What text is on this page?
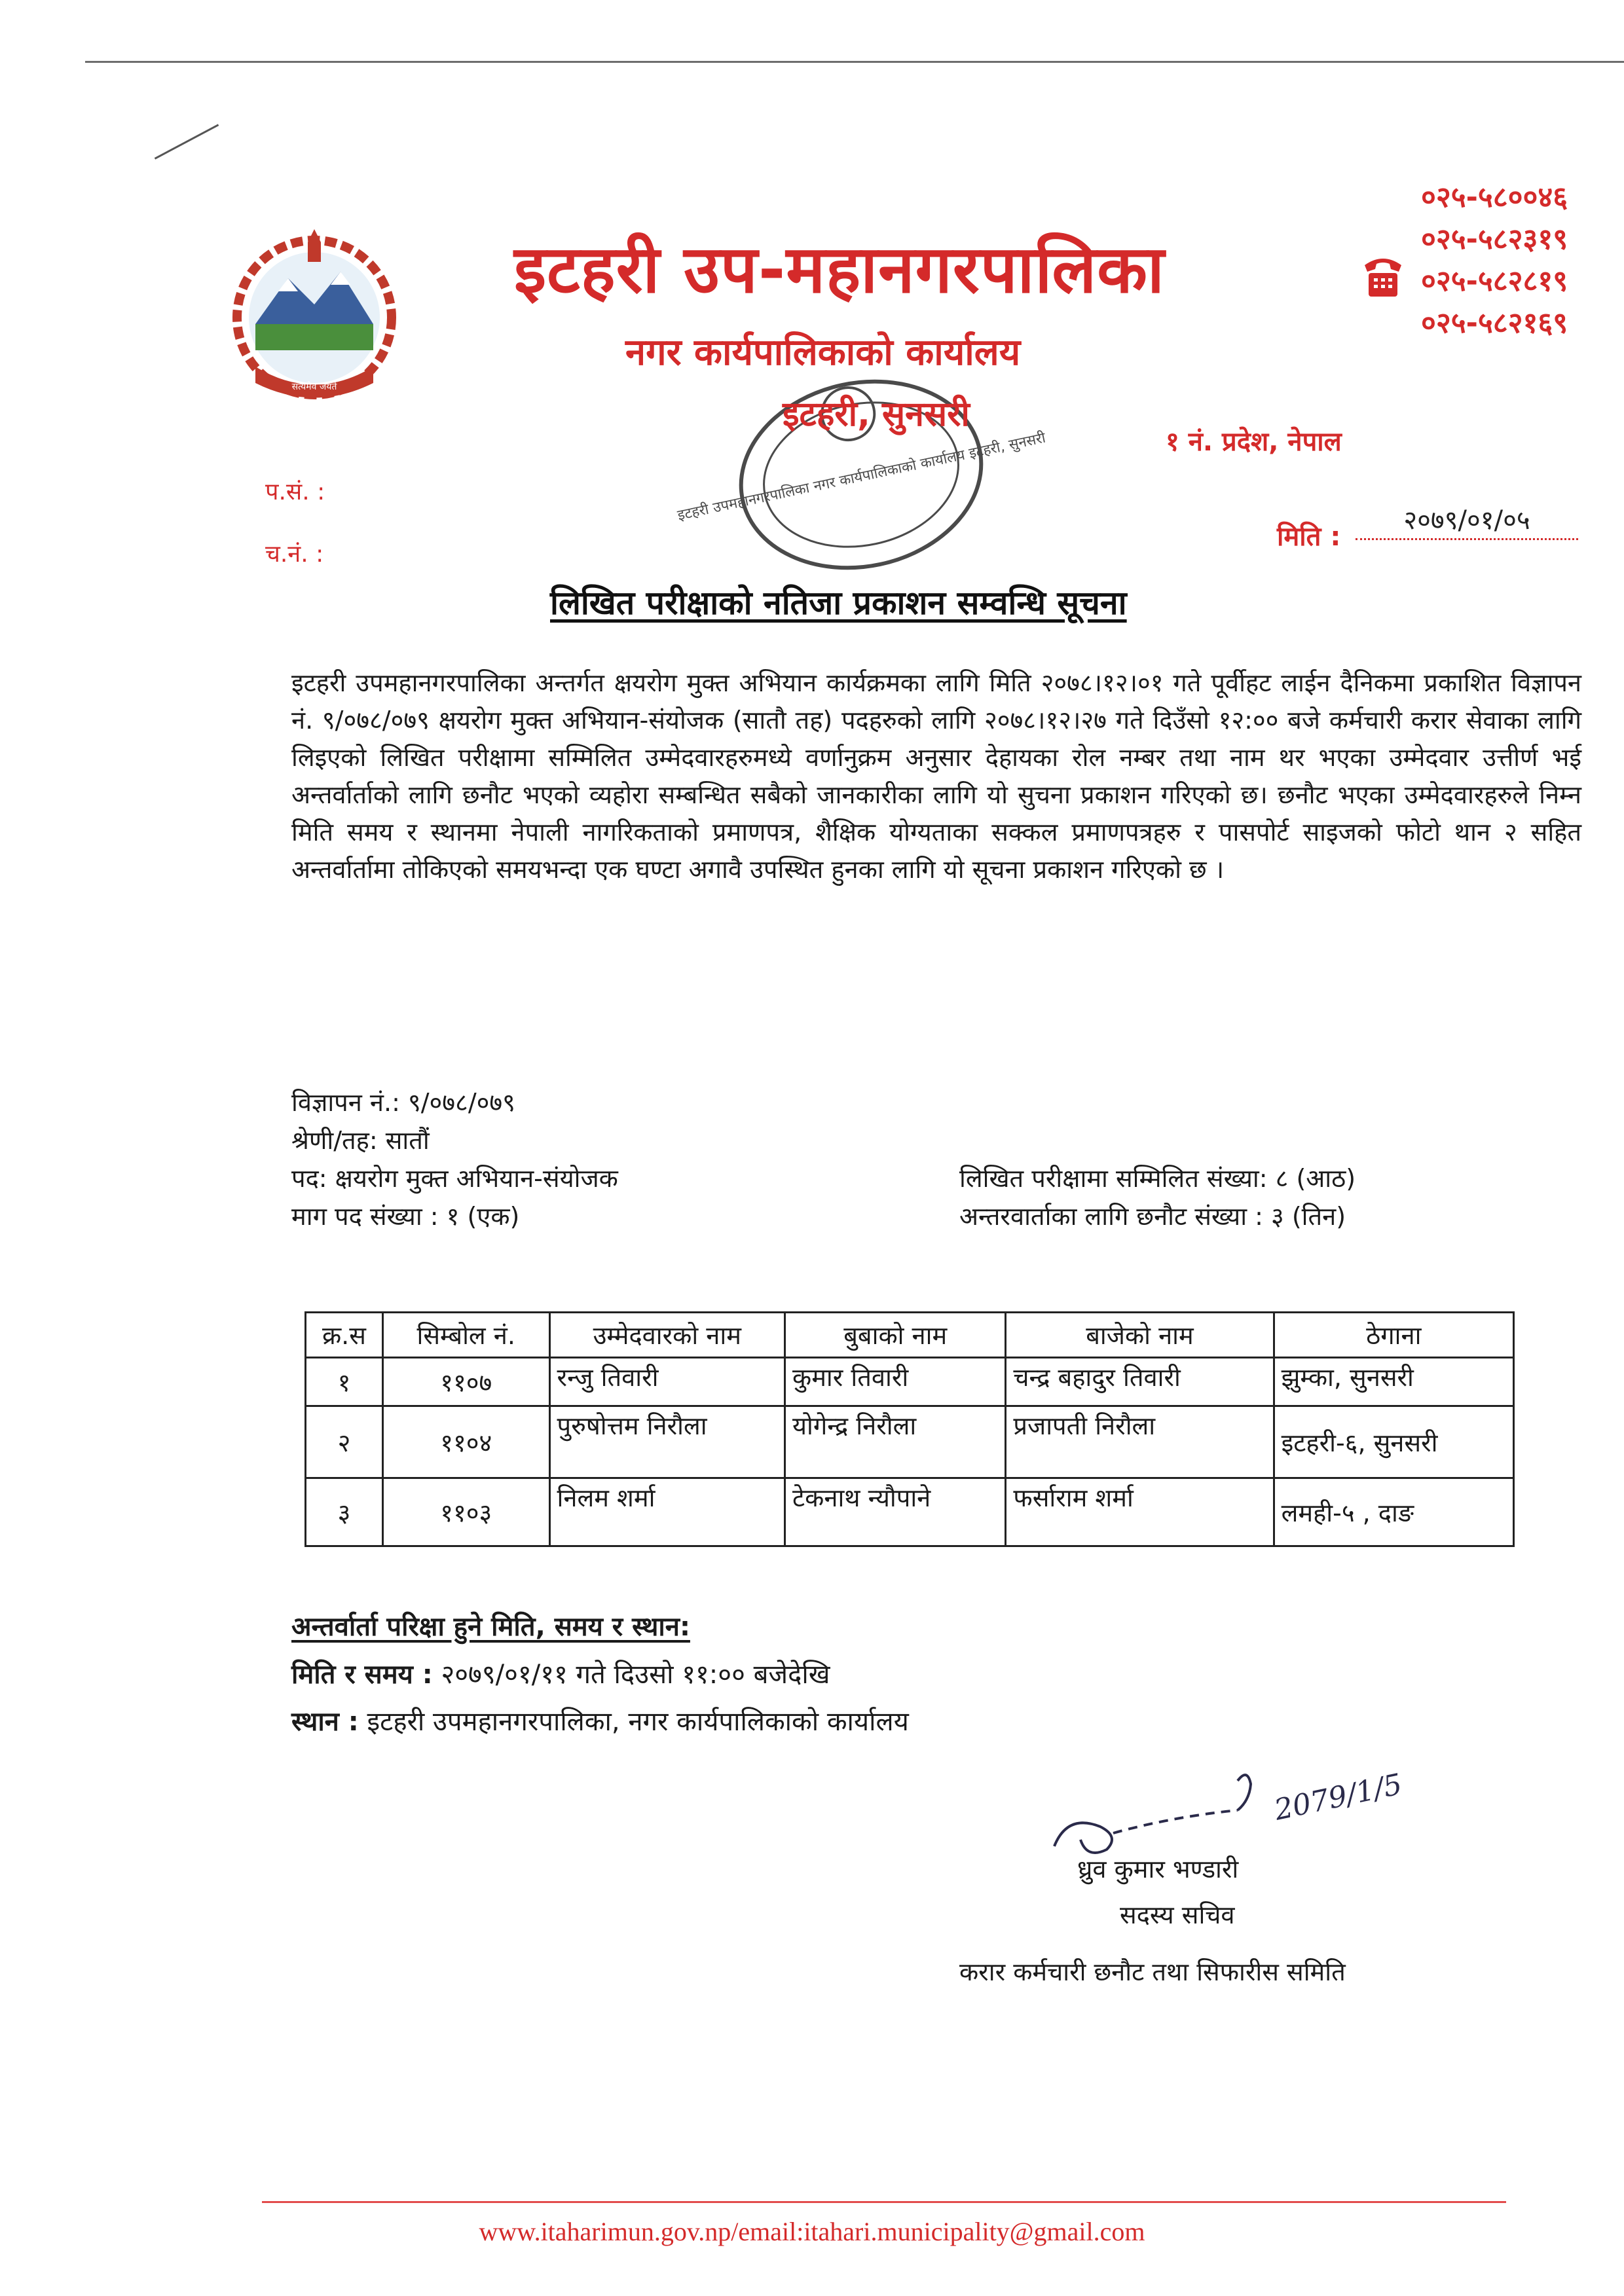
सत्यमेव जयते
इटहरी उप-महानगरपालिका
नगर कार्यपालिकाको कार्यालय
इटहरी उपमहानगरपालिका नगर कार्यपालिकाको कार्यालय इटहरी, सुनसरी
इटहरी, सुनसरी
०२५-५८००४६
०२५-५८२३१९
०२५-५८२८१९
०२५-५८२१६९
१ नं. प्रदेश, नेपाल
प.सं. :
च.नं. :
मिति :
२०७९/०१/०५
लिखित परीक्षाको नतिजा प्रकाशन सम्वन्धि सूचना
इटहरी उपमहानगरपालिका अन्तर्गत क्षयरोग मुक्त अभियान कार्यक्रमका लागि मिति २०७८।१२।०१ गते पूर्वीहट लाईन दैनिकमा प्रकाशित विज्ञापन नं. ९/०७८/०७९ क्षयरोग मुक्त अभियान-संयोजक (सातौ तह) पदहरुको लागि २०७८।१२।२७ गते दिउँसो १२:०० बजे कर्मचारी करार सेवाका लागि लिइएको लिखित परीक्षामा सम्मिलित उम्मेदवारहरुमध्ये वर्णानुक्रम अनुसार देहायका रोल नम्बर तथा नाम थर भएका उम्मेदवार उत्तीर्ण भई अन्तर्वार्ताको लागि छनौट भएको व्यहोरा सम्बन्धित सबैको जानकारीका लागि यो सुचना प्रकाशन गरिएको छ। छनौट भएका उम्मेदवारहरुले निम्न मिति समय र स्थानमा नेपाली नागरिकताको प्रमाणपत्र, शैक्षिक योग्यताका सक्कल प्रमाणपत्रहरु र पासपोर्ट साइजको फोटो थान २ सहित अन्तर्वार्तामा तोकिएको समयभन्दा एक घण्टा अगावै उपस्थित हुनका लागि यो सूचना प्रकाशन गरिएको छ ।
विज्ञापन नं.: ९/०७८/०७९
श्रेणी/तह: सातौं
पद: क्षयरोग मुक्त अभियान-संयोजक
माग पद संख्या : १ (एक)
लिखित परीक्षामा सम्मिलित संख्या: ८ (आठ)
अन्तरवार्ताका लागि छनौट संख्या : ३ (तिन)
क्र.स	सिम्बोल नं.	उम्मेदवारको नाम	बुबाको नाम	बाजेको नाम	ठेगाना
१	११०७	रन्जु तिवारी	कुमार तिवारी	चन्द्र बहादुर तिवारी	झुम्का, सुनसरी
२	११०४	पुरुषोत्तम निरौला	योगेन्द्र निरौला	प्रजापती निरौला	इटहरी-६, सुनसरी
३	११०३	निलम शर्मा	टेकनाथ न्यौपाने	फर्साराम शर्मा	लमही-५ , दाङ
अन्तर्वार्ता परिक्षा हुने मिति, समय र स्थान:
मिति र समय : २०७९/०१/११ गते दिउसो ११:०० बजेदेखि
स्थान : इटहरी उपमहानगरपालिका, नगर कार्यपालिकाको कार्यालय
2079/1/5
ध्रुव कुमार भण्डारी
सदस्य सचिव
करार कर्मचारी छनौट तथा सिफारीस समिति
www.itaharimun.gov.np/email:itahari.municipality@gmail.com
